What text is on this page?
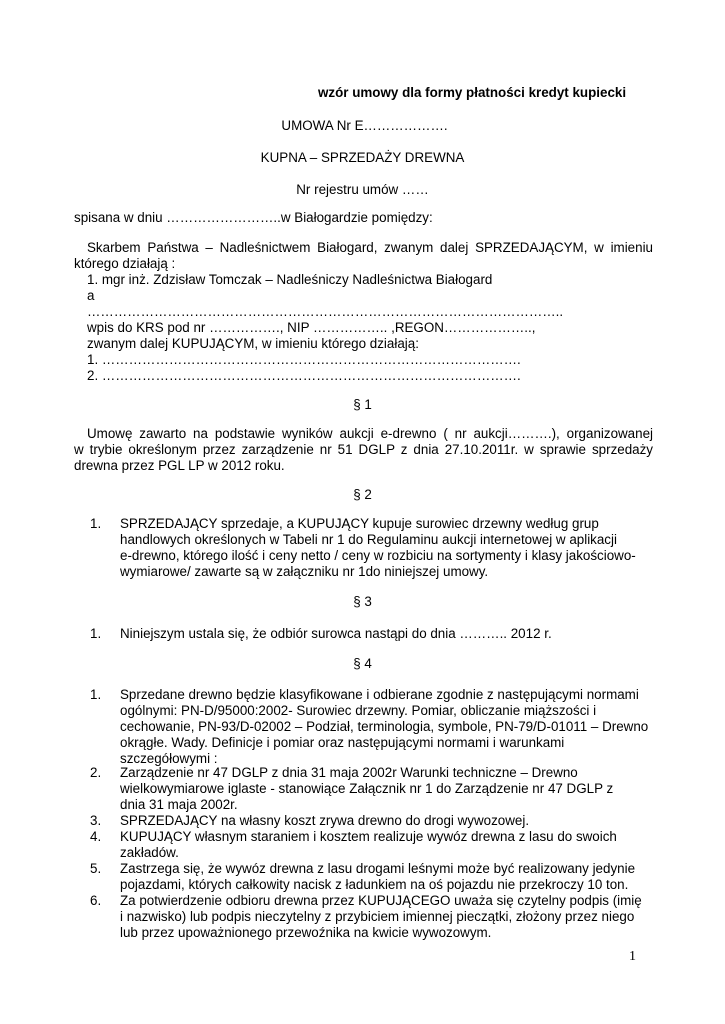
wzór umowy dla formy płatności kredyt kupiecki
UMOWA Nr E……………….
KUPNA – SPRZEDAŻY DREWNA
Nr rejestru umów ……
spisana w dniu ……………………..w Białogardzie pomiędzy:
Skarbem Państwa – Nadleśnictwem Białogard, zwanym dalej SPRZEDAJĄCYM, w imieniu
którego działają :
1. mgr inż. Zdzisław Tomczak – Nadleśniczy Nadleśnictwa Białogard
a
……………………………………………………………………………………………..
wpis do KRS pod nr ……………., NIP …………….. ,REGON………………..,
zwanym dalej KUPUJĄCYM, w imieniu którego działają:
1. ………………………………………………………………………………….
2. ………………………………………………………………………………….
§ 1
Umowę zawarto na podstawie wyników aukcji e-drewno ( nr aukcji……….), organizowanej
w trybie określonym przez zarządzenie nr 51 DGLP z dnia 27.10.2011r. w sprawie sprzedaży
drewna przez PGL LP w 2012 roku.
§ 2
1. SPRZEDAJĄCY sprzedaje, a KUPUJĄCY kupuje surowiec drzewny według grup
handlowych określonych w Tabeli nr 1 do Regulaminu aukcji internetowej w aplikacji
e-drewno, którego ilość i ceny netto / ceny w rozbiciu na sortymenty i klasy jakościowo-
wymiarowe/ zawarte są w załączniku nr 1do niniejszej umowy.
§ 3
1. Niniejszym ustala się, że odbiór surowca nastąpi do dnia ……….. 2012 r.
§ 4
1. Sprzedane drewno będzie klasyfikowane i odbierane zgodnie z następującymi normami
ogólnymi: PN-D/95000:2002- Surowiec drzewny. Pomiar, obliczanie miąższości i
cechowanie, PN-93/D-02002 – Podział, terminologia, symbole, PN-79/D-01011 – Drewno
okrągłe. Wady. Definicje i pomiar oraz następującymi normami i warunkami
szczegółowymi :
2. Zarządzenie nr 47 DGLP z dnia 31 maja 2002r Warunki techniczne – Drewno
wielkowymiarowe iglaste - stanowiące Załącznik nr 1 do Zarządzenie nr 47 DGLP z
dnia 31 maja 2002r.
3. SPRZEDAJĄCY na własny koszt zrywa drewno do drogi wywozowej.
4. KUPUJĄCY własnym staraniem i kosztem realizuje wywóz drewna z lasu do swoich
zakładów.
5. Zastrzega się, że wywóz drewna z lasu drogami leśnymi może być realizowany jedynie
pojazdami, których całkowity nacisk z ładunkiem na oś pojazdu nie przekroczy 10 ton.
6. Za potwierdzenie odbioru drewna przez KUPUJĄCEGO uważa się czytelny podpis (imię
i nazwisko) lub podpis nieczytelny z przybiciem imiennej pieczątki, złożony przez niego
lub przez upoważnionego przewoźnika na kwicie wywozowym.
1
